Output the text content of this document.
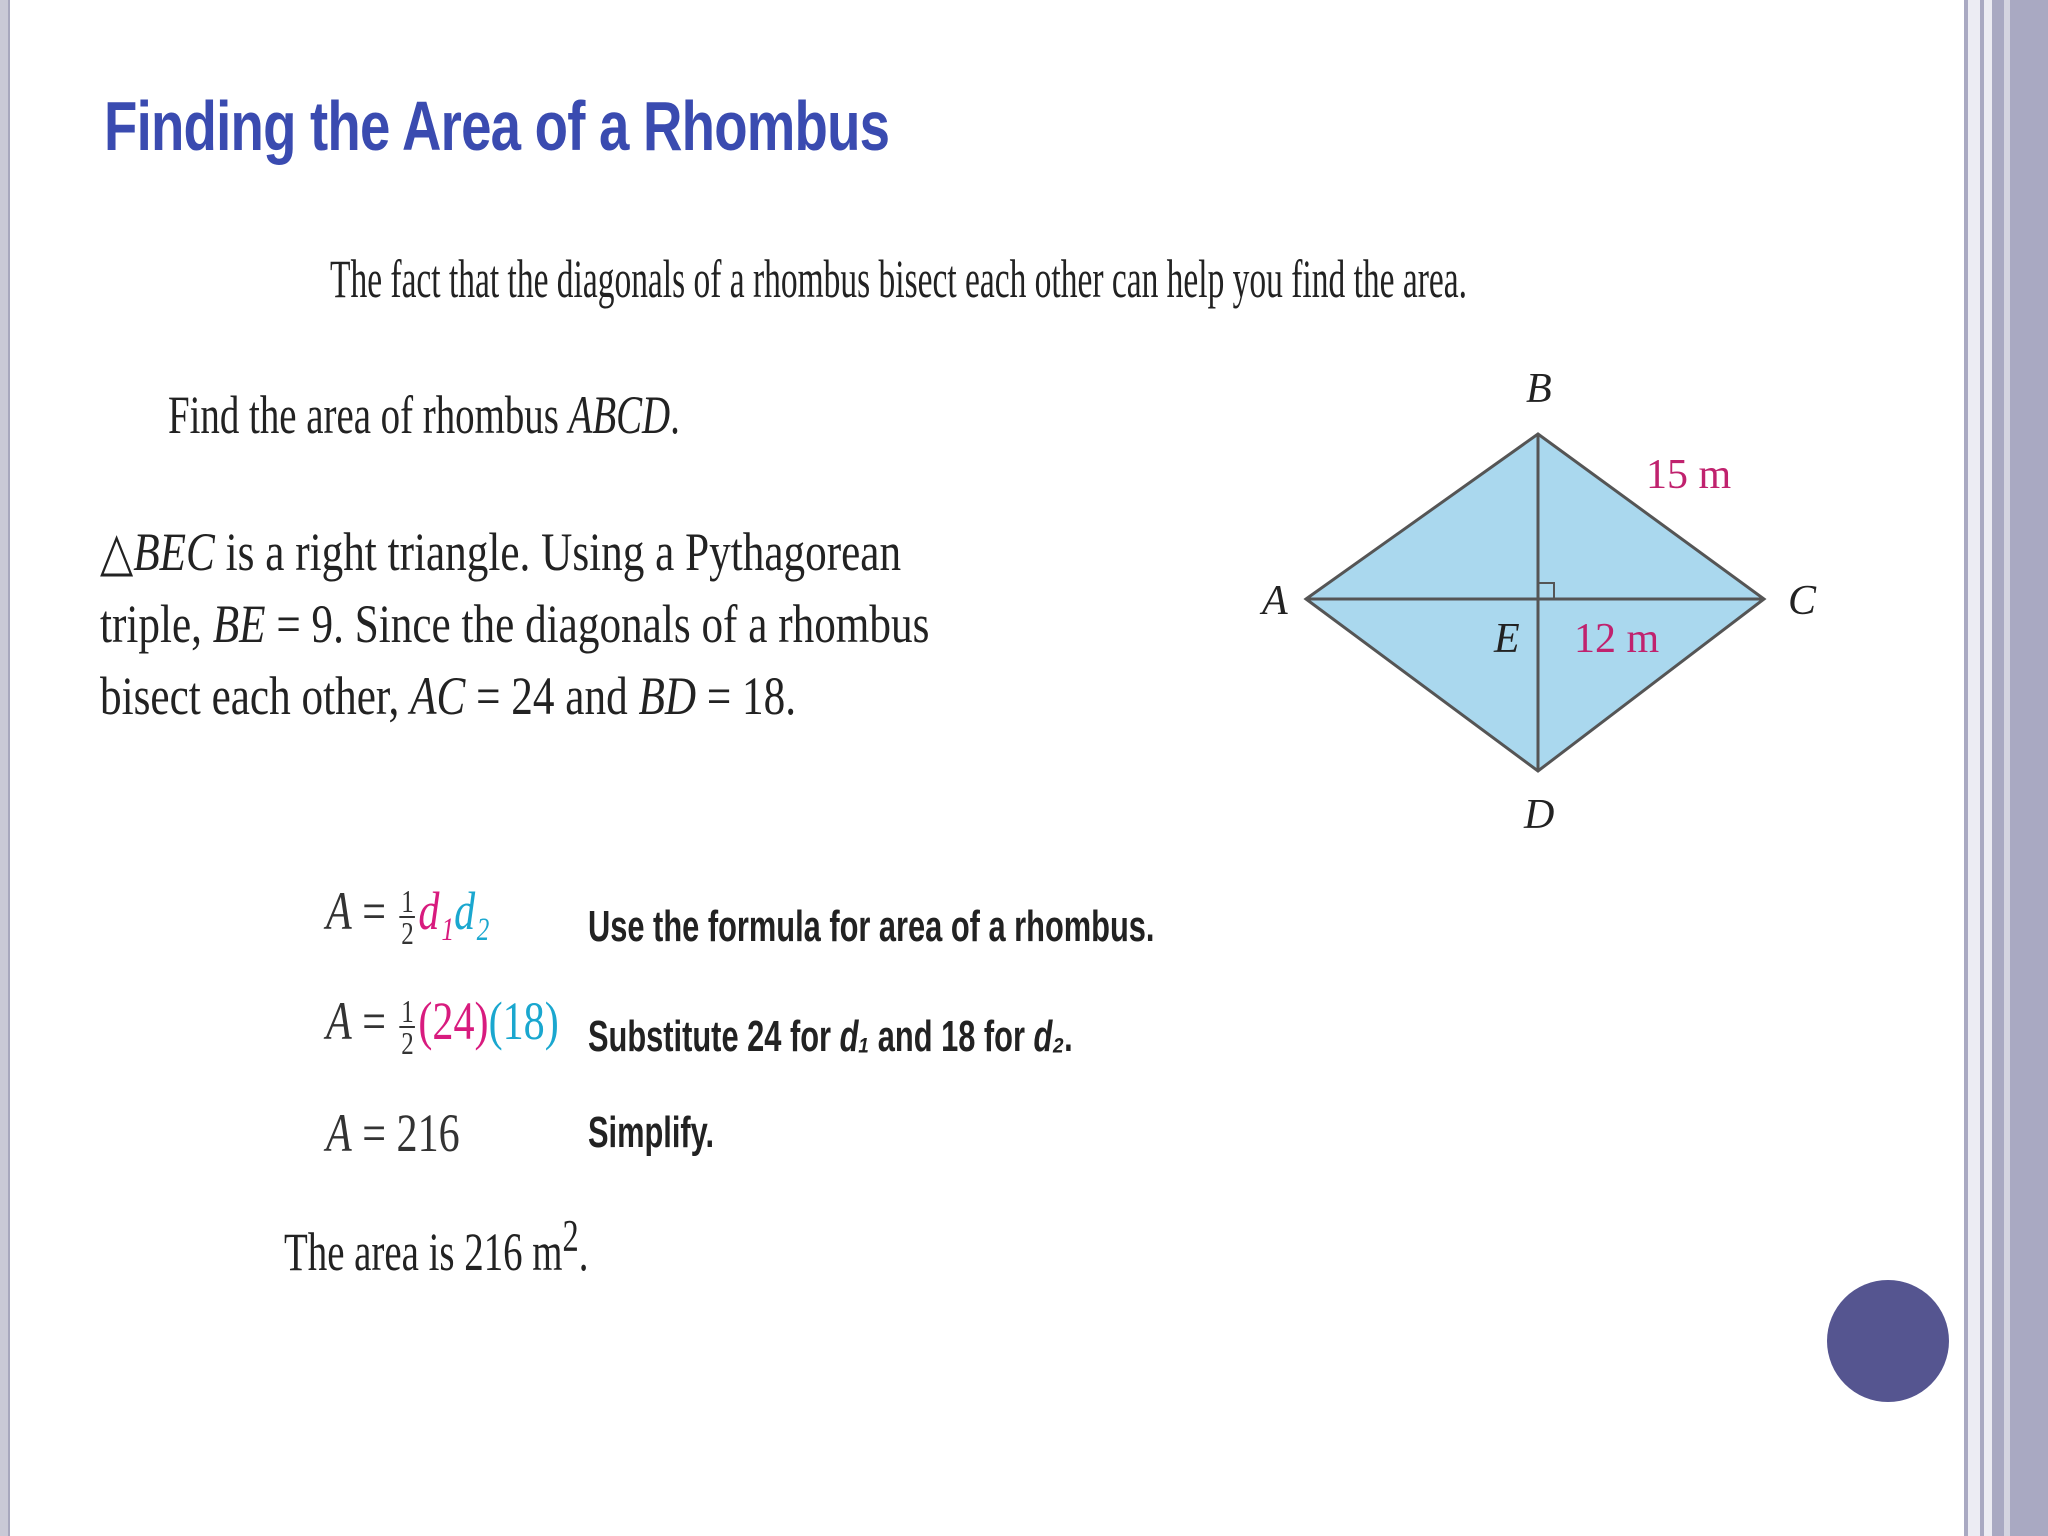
Finding the Area of a Rhombus
The fact that the diagonals of a rhombus bisect each other can help you find the area.
Find the area of rhombus ABCD.
△BEC is a right triangle. Using a Pythagorean
triple, BE = 9. Since the diagonals of a rhombus
bisect each other, AC = 24 and BD = 18.
B
A	C
D
E
15 m
12 m
$A = \frac{1}{2} d_1d_2$ Use the formula for area of a rhombus.
$A = \frac{1}{2} (24)(18)$ Substitute 24 for d₁ and 18 for d₂.
A = 216	Simplify.
The area is 216 $m^2$.
